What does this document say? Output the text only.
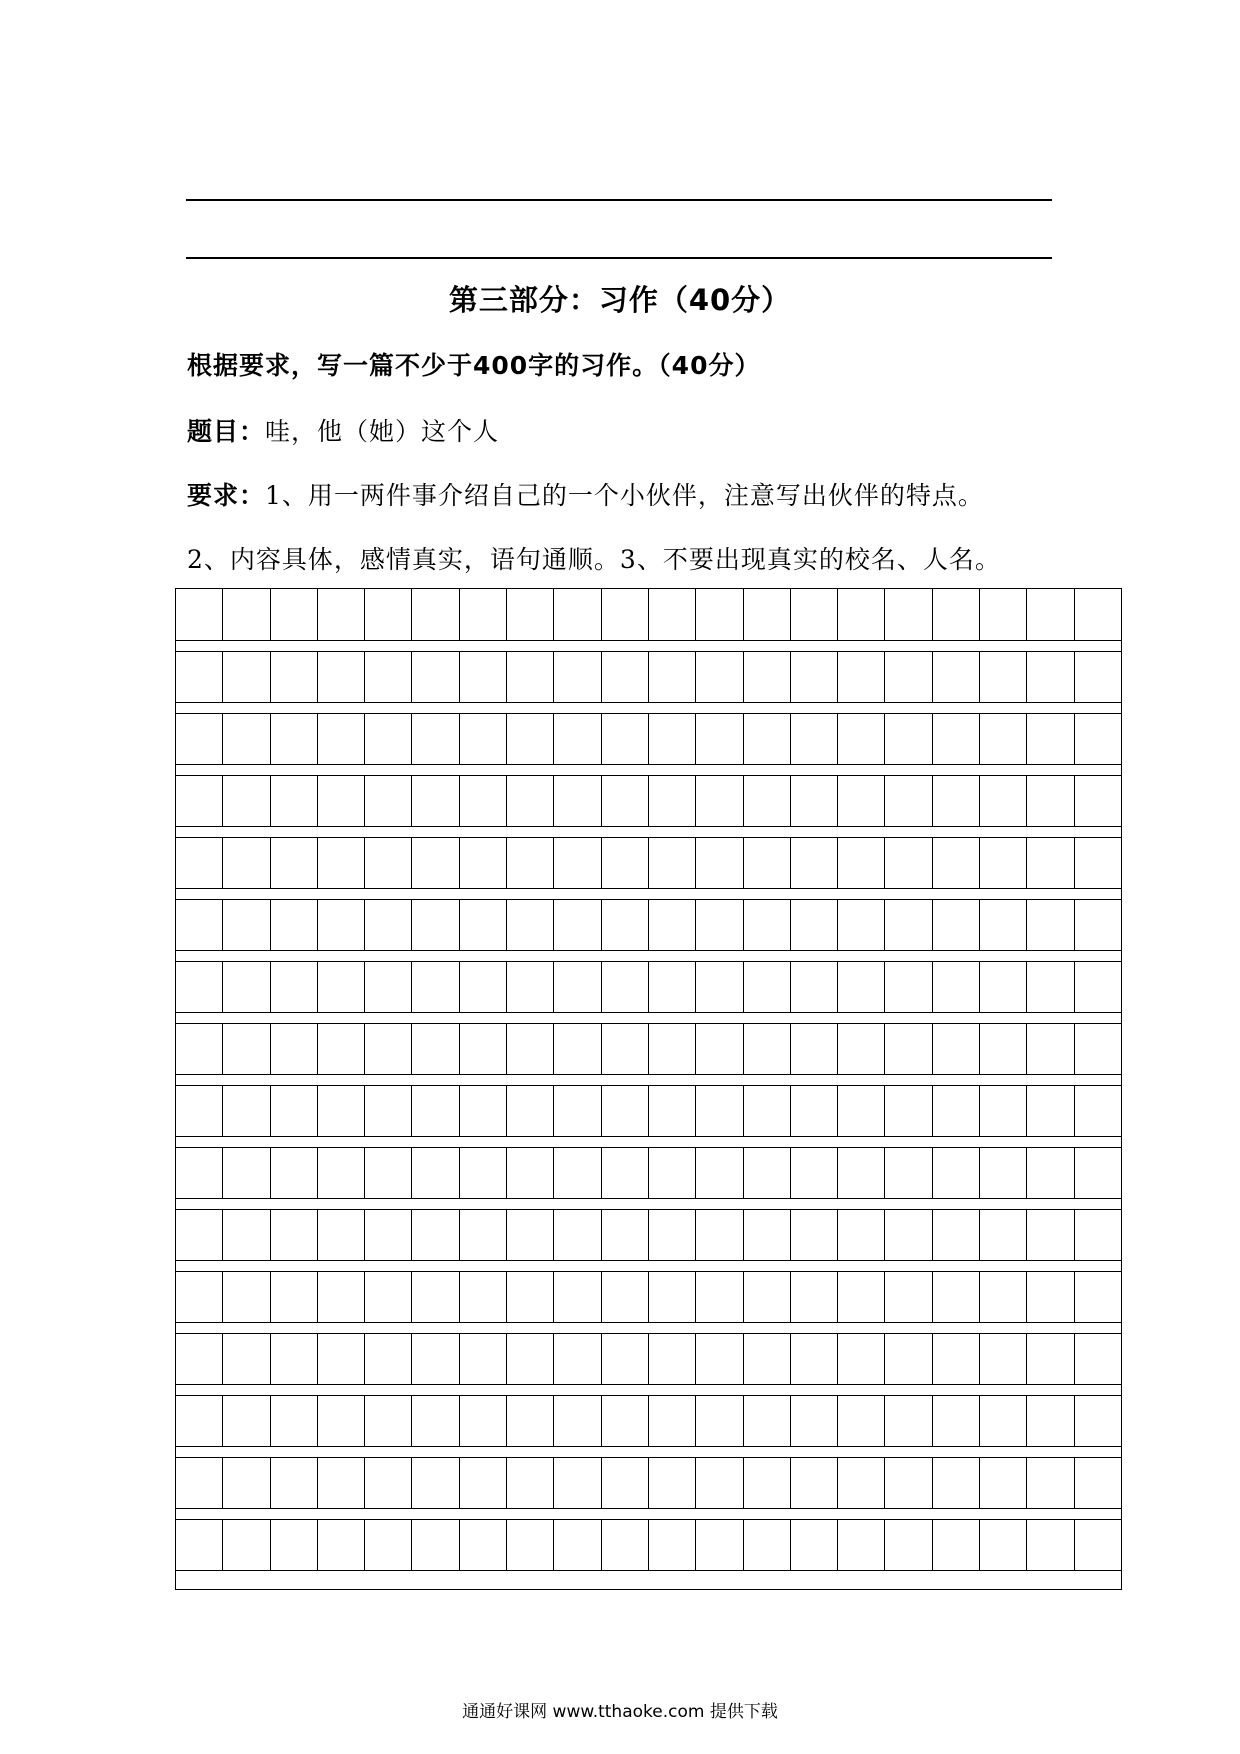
第三部分：习作（40分）
根据要求，写一篇不少于400字的习作。（40分）
题目：哇，他（她）这个人
要求：1、用一两件事介绍自己的一个小伙伴，注意写出伙伴的特点。
2、内容具体，感情真实，语句通顺。3、不要出现真实的校名、人名。
通通好课网 www.tthaoke.com 提供下载
